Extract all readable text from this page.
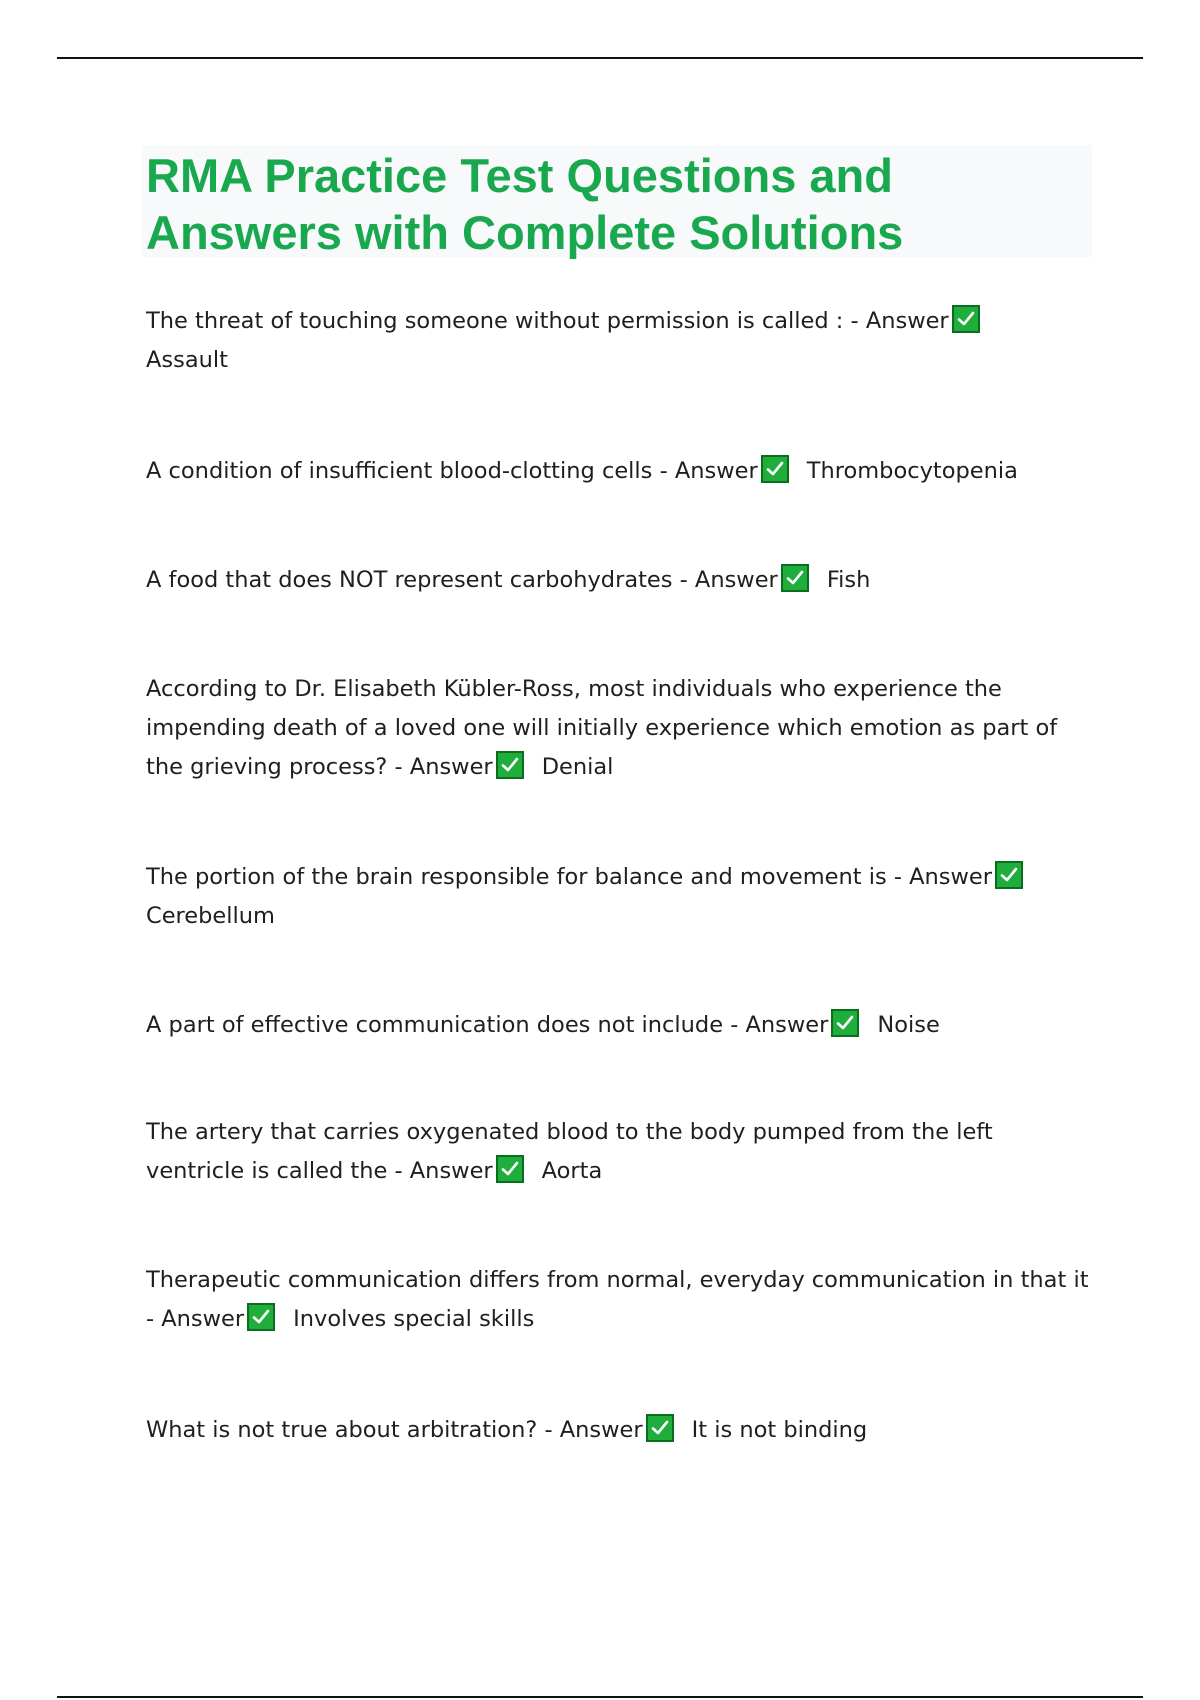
RMA Practice Test Questions and
Answers with Complete Solutions
The threat of touching someone without permission is called : - Answer
Assault
A condition of insufficient blood-clotting cells - Answer Thrombocytopenia
A food that does NOT represent carbohydrates - Answer Fish
According to Dr. Elisabeth Kübler-Ross, most individuals who experience the impending death of a loved one will initially experience which emotion as part of the grieving process? - Answer Denial
The portion of the brain responsible for balance and movement is - Answer
Cerebellum
A part of effective communication does not include - Answer Noise
The artery that carries oxygenated blood to the body pumped from the left ventricle is called the - Answer Aorta
Therapeutic communication differs from normal, everyday communication in that it - Answer Involves special skills
What is not true about arbitration? - Answer It is not binding
